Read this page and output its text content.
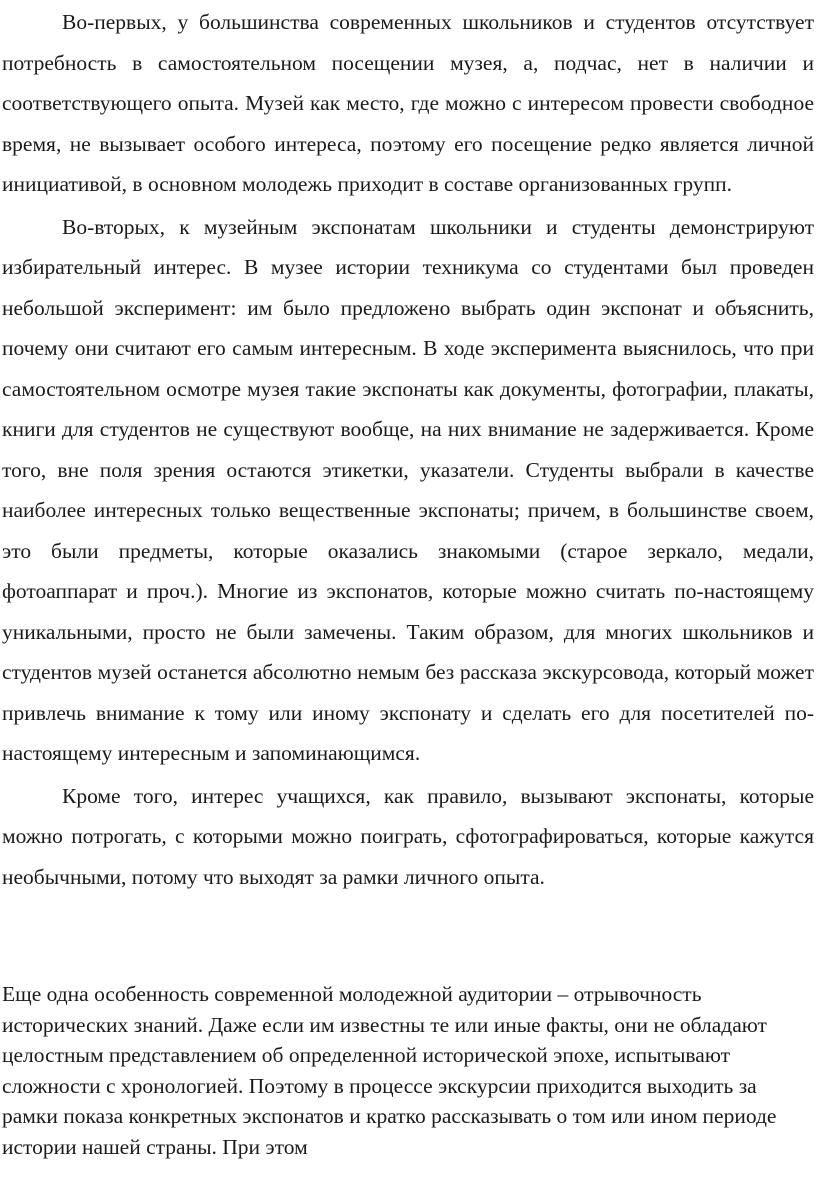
Во-первых, у большинства современных школьников и студентов отсутствует потребность в самостоятельном посещении музея, а, подчас, нет в наличии и соответствующего опыта. Музей как место, где можно с интересом провести свободное время, не вызывает особого интереса, поэтому его посещение редко является личной инициативой, в основном молодежь приходит в составе организованных групп.

Во-вторых, к музейным экспонатам школьники и студенты демонстрируют избирательный интерес. В музее истории техникума со студентами был проведен небольшой эксперимент: им было предложено выбрать один экспонат и объяснить, почему они считают его самым интересным. В ходе эксперимента выяснилось, что при самостоятельном осмотре музея такие экспонаты как документы, фотографии, плакаты, книги для студентов не существуют вообще, на них внимание не задерживается. Кроме того, вне поля зрения остаются этикетки, указатели. Студенты выбрали в качестве наиболее интересных только вещественные экспонаты; причем, в большинстве своем, это были предметы, которые оказались знакомыми (старое зеркало, медали, фотоаппарат и проч.). Многие из экспонатов, которые можно считать по-настоящему уникальными, просто не были замечены. Таким образом, для многих школьников и студентов музей останется абсолютно немым без рассказа экскурсовода, который может привлечь внимание к тому или иному экспонату и сделать его для посетителей по-настоящему интересным и запоминающимся.

Кроме того, интерес учащихся, как правило, вызывают экспонаты, которые можно потрогать, с которыми можно поиграть, сфотографироваться, которые кажутся необычными, потому что выходят за рамки личного опыта.

Еще одна особенность современной молодежной аудитории – отрывочность исторических знаний. Даже если им известны те или иные факты, они не обладают целостным представлением об определенной исторической эпохе, испытывают сложности с хронологией. Поэтому в процессе экскурсии приходится выходить за рамки показа конкретных экспонатов и кратко рассказывать о том или ином периоде истории нашей страны. При этом
